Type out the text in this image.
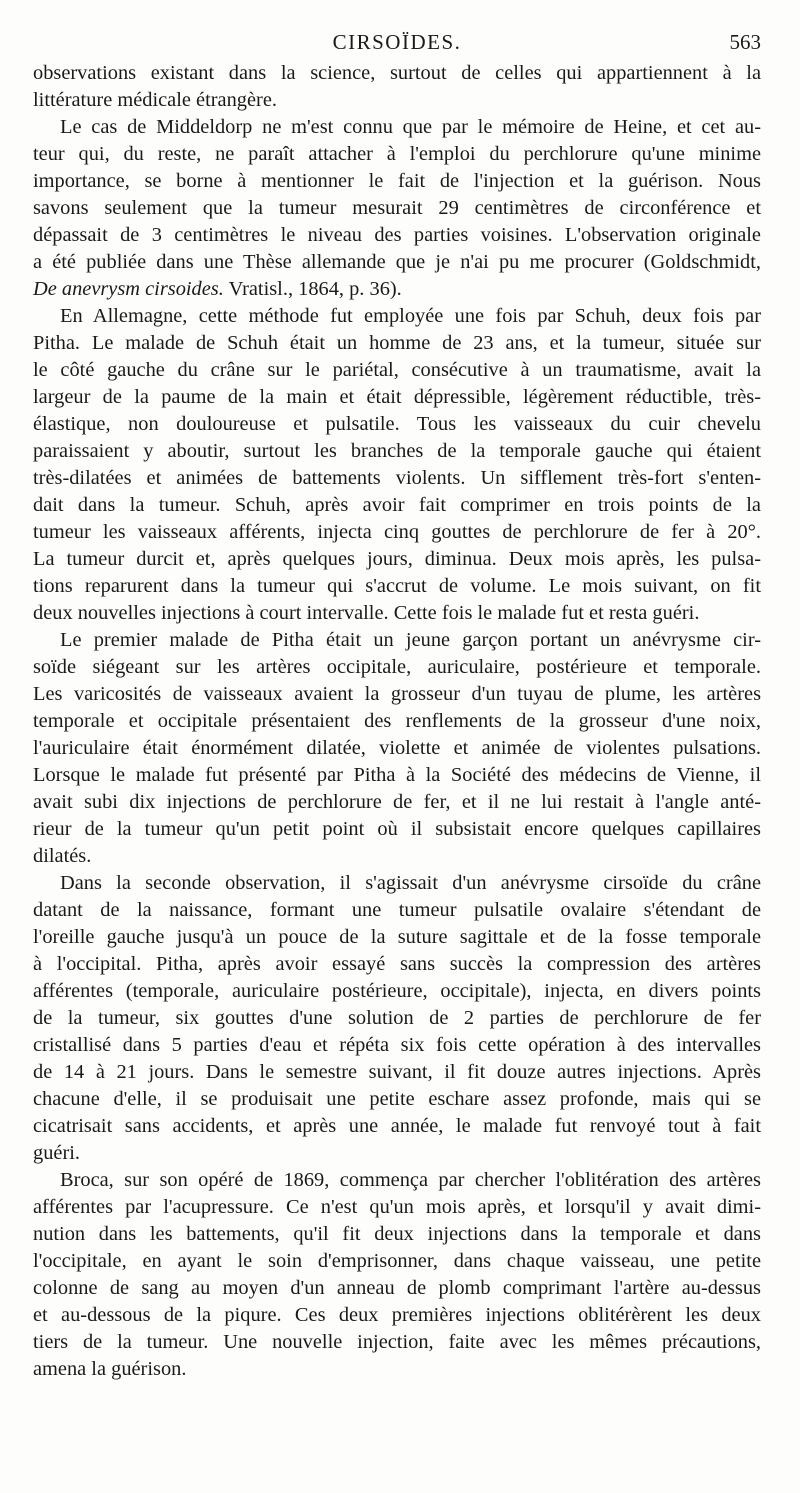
CIRSOÏDES.	563
observations existant dans la science, surtout de celles qui appartiennent à la
littérature médicale étrangère.
Le cas de Middeldorp ne m'est connu que par le mémoire de Heine, et cet au-
teur qui, du reste, ne paraît attacher à l'emploi du perchlorure qu'une minime
importance, se borne à mentionner le fait de l'injection et la guérison. Nous
savons seulement que la tumeur mesurait 29 centimètres de circonférence et
dépassait de 3 centimètres le niveau des parties voisines. L'observation originale
a été publiée dans une Thèse allemande que je n'ai pu me procurer (Goldschmidt,
De anevrysm cirsoides. Vratisl., 1864, p. 36).
En Allemagne, cette méthode fut employée une fois par Schuh, deux fois par
Pitha. Le malade de Schuh était un homme de 23 ans, et la tumeur, située sur
le côté gauche du crâne sur le pariétal, consécutive à un traumatisme, avait la
largeur de la paume de la main et était dépressible, légèrement réductible, très-
élastique, non douloureuse et pulsatile. Tous les vaisseaux du cuir chevelu
paraissaient y aboutir, surtout les branches de la temporale gauche qui étaient
très-dilatées et animées de battements violents. Un sifflement très-fort s'enten-
dait dans la tumeur. Schuh, après avoir fait comprimer en trois points de la
tumeur les vaisseaux afférents, injecta cinq gouttes de perchlorure de fer à 20°.
La tumeur durcit et, après quelques jours, diminua. Deux mois après, les pulsa-
tions reparurent dans la tumeur qui s'accrut de volume. Le mois suivant, on fit
deux nouvelles injections à court intervalle. Cette fois le malade fut et resta guéri.
Le premier malade de Pitha était un jeune garçon portant un anévrysme cir-
soïde siégeant sur les artères occipitale, auriculaire, postérieure et temporale.
Les varicosités de vaisseaux avaient la grosseur d'un tuyau de plume, les artères
temporale et occipitale présentaient des renflements de la grosseur d'une noix,
l'auriculaire était énormément dilatée, violette et animée de violentes pulsations.
Lorsque le malade fut présenté par Pitha à la Société des médecins de Vienne, il
avait subi dix injections de perchlorure de fer, et il ne lui restait à l'angle anté-
rieur de la tumeur qu'un petit point où il subsistait encore quelques capillaires
dilatés.
Dans la seconde observation, il s'agissait d'un anévrysme cirsoïde du crâne
datant de la naissance, formant une tumeur pulsatile ovalaire s'étendant de
l'oreille gauche jusqu'à un pouce de la suture sagittale et de la fosse temporale
à l'occipital. Pitha, après avoir essayé sans succès la compression des artères
afférentes (temporale, auriculaire postérieure, occipitale), injecta, en divers points
de la tumeur, six gouttes d'une solution de 2 parties de perchlorure de fer
cristallisé dans 5 parties d'eau et répéta six fois cette opération à des intervalles
de 14 à 21 jours. Dans le semestre suivant, il fit douze autres injections. Après
chacune d'elle, il se produisait une petite eschare assez profonde, mais qui se
cicatrisait sans accidents, et après une année, le malade fut renvoyé tout à fait
guéri.
Broca, sur son opéré de 1869, commença par chercher l'oblitération des artères
afférentes par l'acupressure. Ce n'est qu'un mois après, et lorsqu'il y avait dimi-
nution dans les battements, qu'il fit deux injections dans la temporale et dans
l'occipitale, en ayant le soin d'emprisonner, dans chaque vaisseau, une petite
colonne de sang au moyen d'un anneau de plomb comprimant l'artère au-dessus
et au-dessous de la piqure. Ces deux premières injections oblitérèrent les deux
tiers de la tumeur. Une nouvelle injection, faite avec les mêmes précautions,
amena la guérison.
